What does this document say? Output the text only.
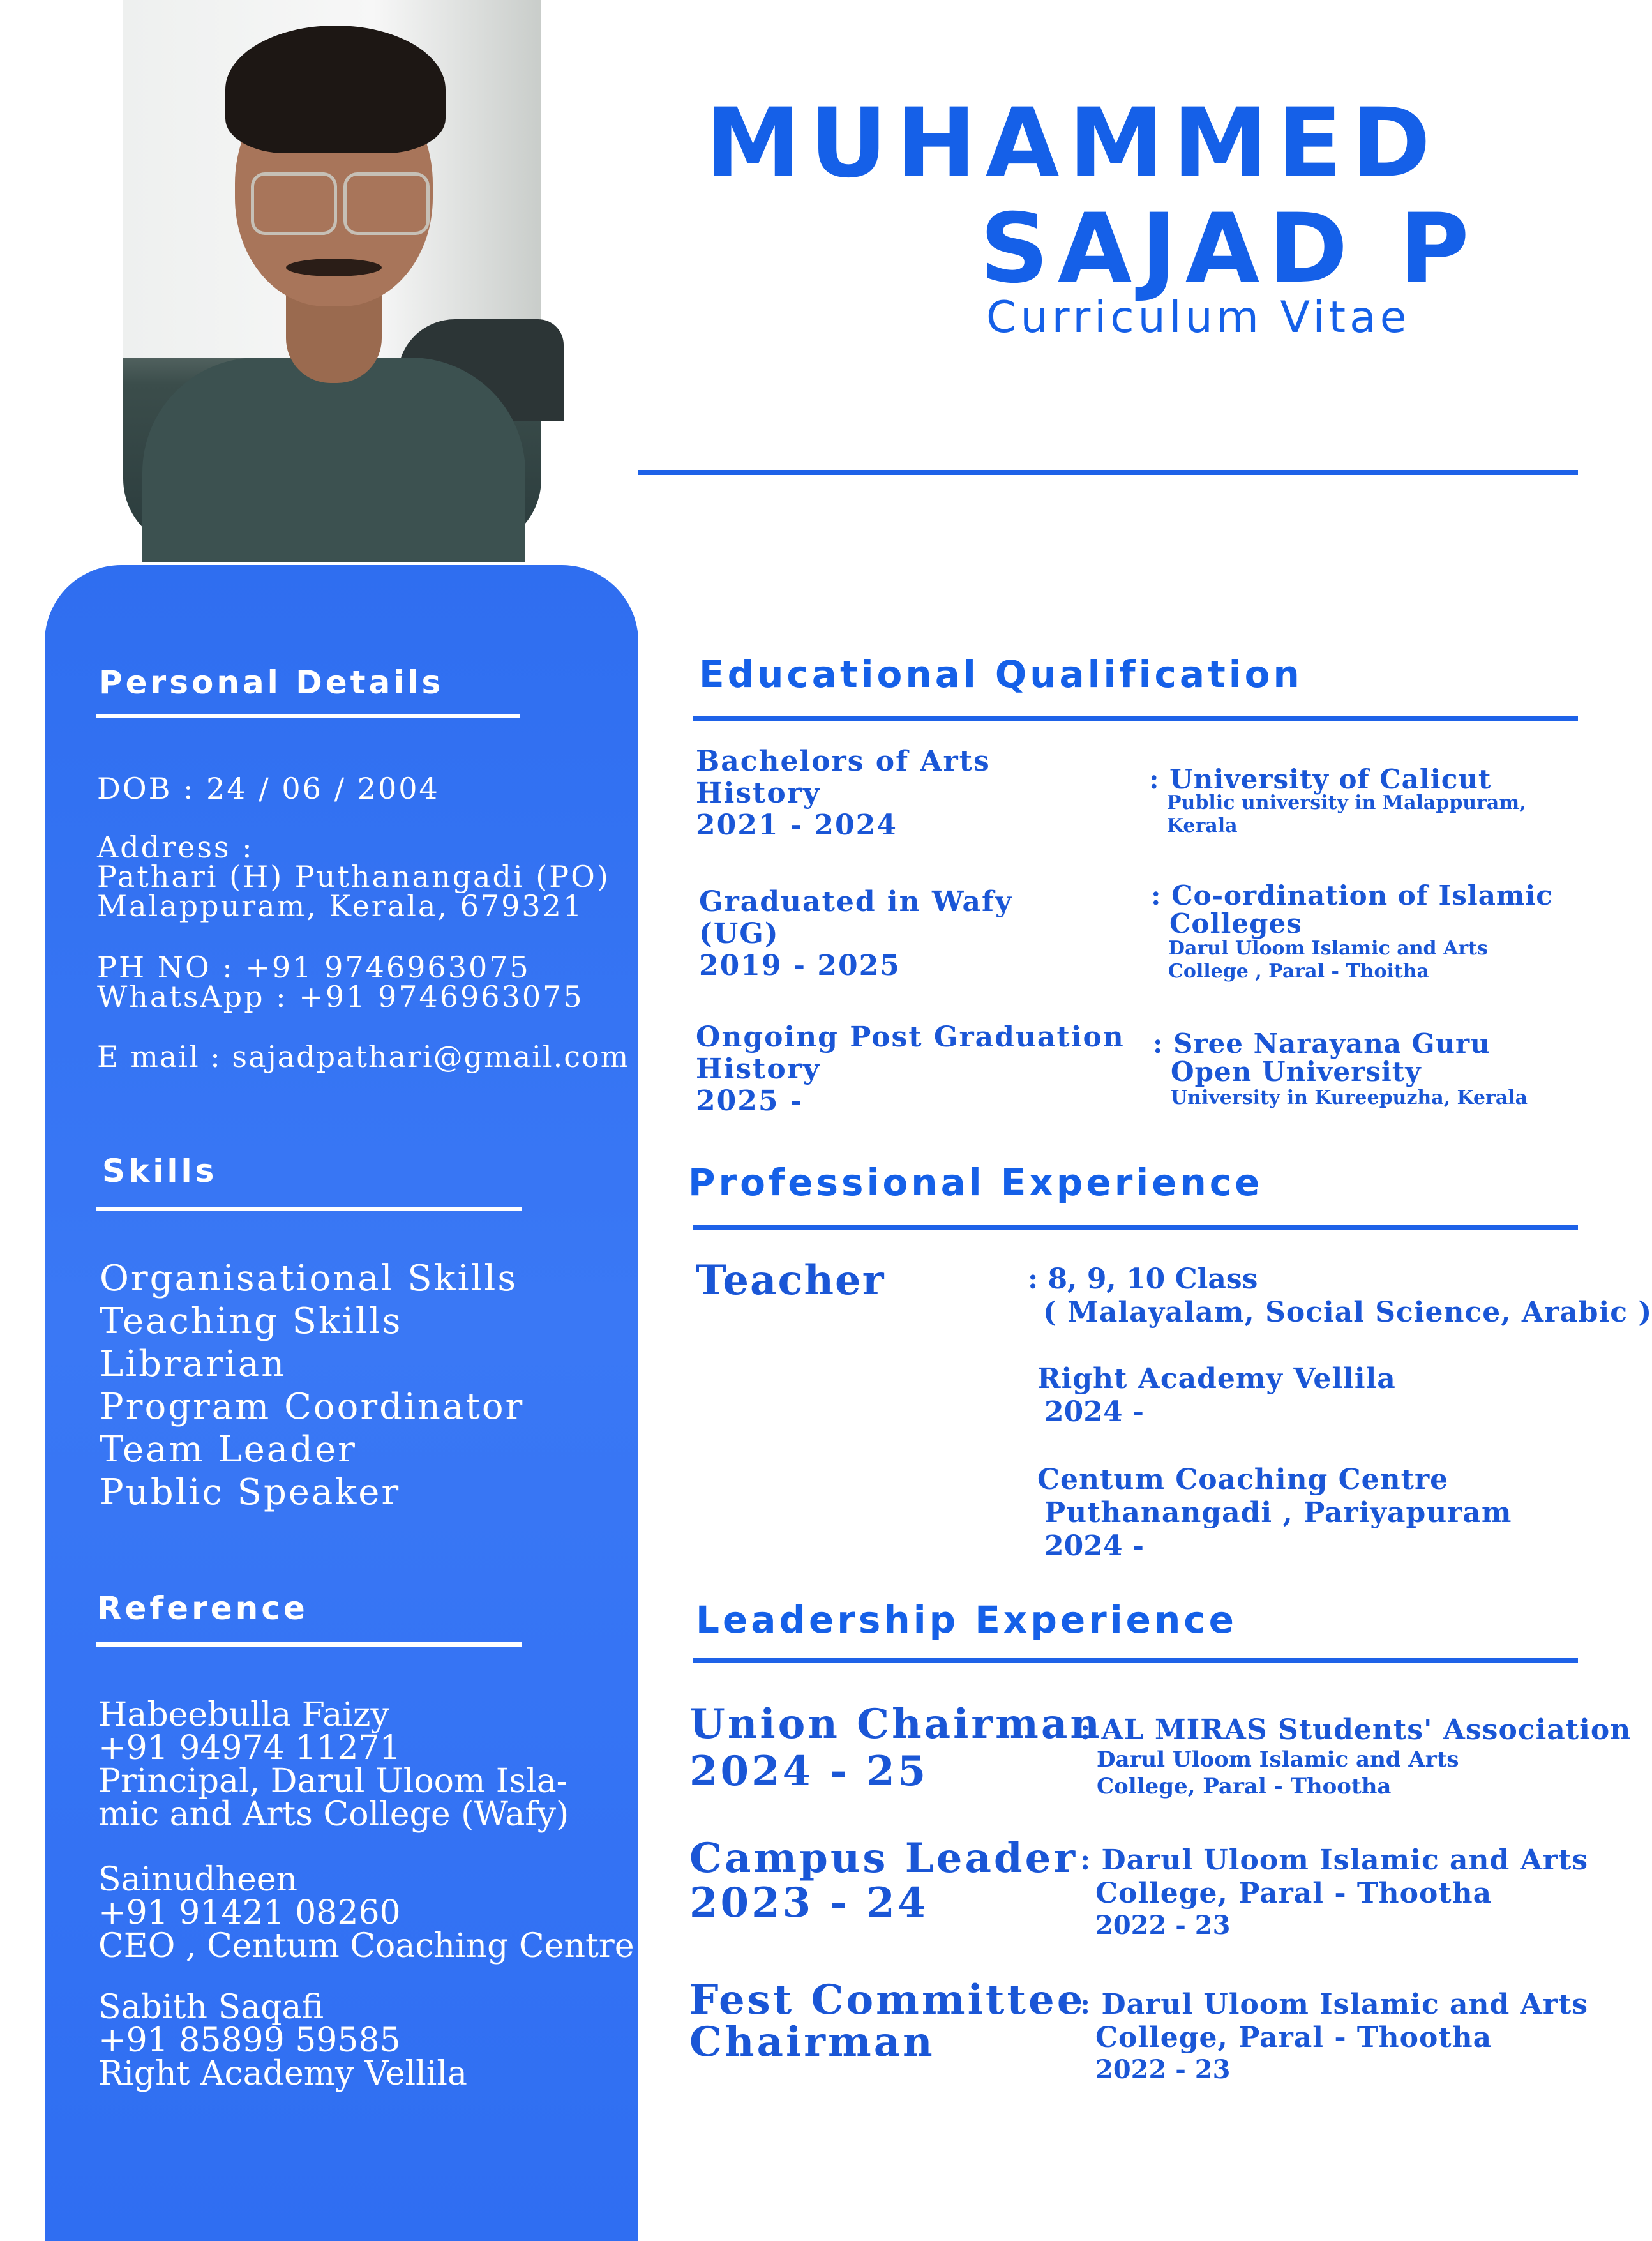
MUHAMMED
SAJAD P
Curriculum Vitae
Personal Details
DOB : 24 / 06 / 2004
Address :
Pathari (H) Puthanangadi (PO)
Malappuram, Kerala, 679321
PH NO : +91 9746963075
WhatsApp : +91 9746963075
E mail : sajadpathari@gmail.com
Skills
Organisational Skills
Teaching Skills
Librarian
Program Coordinator
Team Leader
Public Speaker
Reference
Habeebulla Faizy
+91 94974 11271
Principal, Darul Uloom Isla-
mic and Arts College (Wafy)
Sainudheen
+91 91421 08260
CEO , Centum Coaching Centre
Sabith Saqafi
+91 85899 59585
Right Academy Vellila
Educational Qualification
Bachelors of Arts
History
2021 - 2024
: University of Calicut
Public university in Malappuram,
Kerala
Graduated in Wafy
(UG)
2019 - 2025
: Co-ordination of Islamic
Colleges
Darul Uloom Islamic and Arts
College , Paral - Thoitha
Ongoing Post Graduation
History
2025 -
: Sree Narayana Guru
Open University
University in Kureepuzha, Kerala
Professional Experience
Teacher	: 8, 9, 10 Class
( Malayalam, Social Science, Arabic )
Right Academy Vellila
2024 -
Centum Coaching Centre
Puthanangadi , Pariyapuram
2024 -
Leadership Experience
Union Chairman
2024 - 25
: AL MIRAS Students' Association
Darul Uloom Islamic and Arts
College, Paral - Thootha
Campus Leader
2023 - 24
: Darul Uloom Islamic and Arts
College, Paral - Thootha
2022 - 23
Fest Committee
Chairman
: Darul Uloom Islamic and Arts
College, Paral - Thootha
2022 - 23
